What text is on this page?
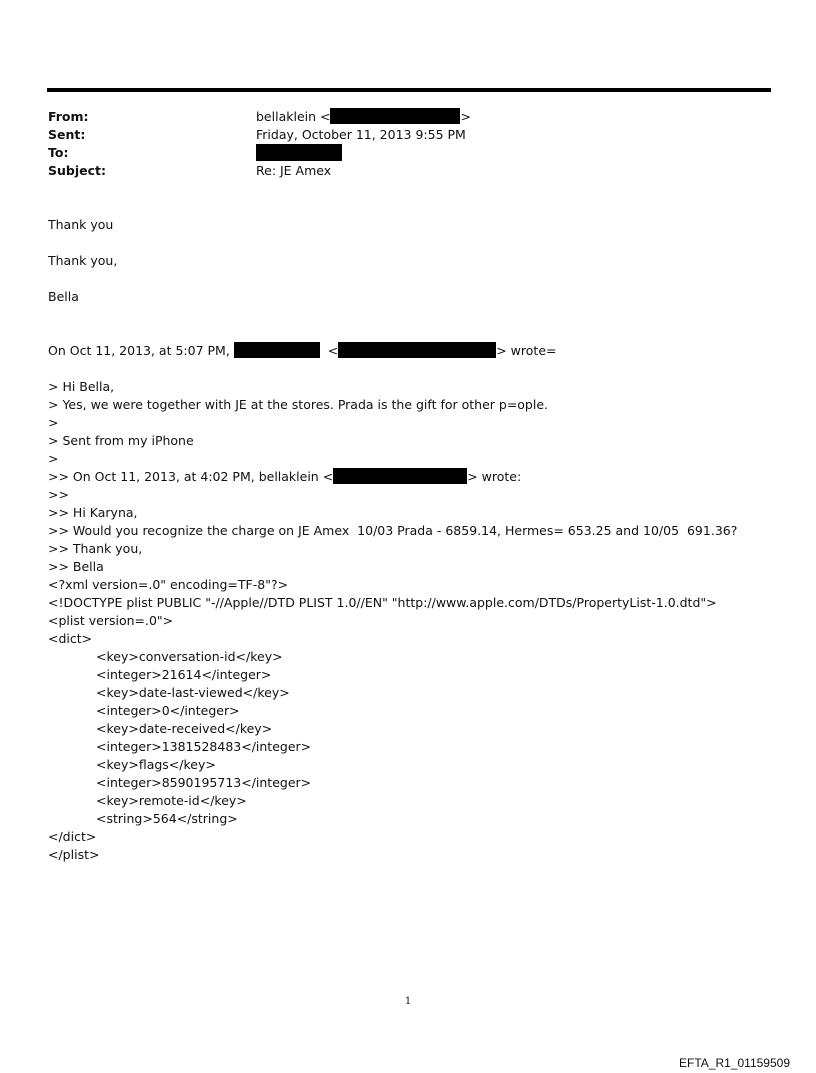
From:	bellaklein <	>
Sent:	Friday, October 11, 2013 9:55 PM
To:
Subject:	Re: JE Amex
Thank you
Thank you,
Bella
On Oct 11, 2013, at 5:07 PM,	<	> wrote=
> Hi Bella,
> Yes, we were together with JE at the stores. Prada is the gift for other p=ople.
>
> Sent from my iPhone
>
>> On Oct 11, 2013, at 4:02 PM, bellaklein <	> wrote:
>>
>> Hi Karyna,
>> Would you recognize the charge on JE Amex  10/03 Prada - 6859.14, Hermes= 653.25 and 10/05  691.36?
>> Thank you,
>> Bella
<?xml version=.0" encoding=TF-8"?>
<!DOCTYPE plist PUBLIC "-//Apple//DTD PLIST 1.0//EN" "http://www.apple.com/DTDs/PropertyList-1.0.dtd">
<plist version=.0">
<dict>
<key>conversation-id</key>
<integer>21614</integer>
<key>date-last-viewed</key>
<integer>0</integer>
<key>date-received</key>
<integer>1381528483</integer>
<key>flags</key>
<integer>8590195713</integer>
<key>remote-id</key>
<string>564</string>
</dict>
</plist>
1
EFTA_R1_01159509
